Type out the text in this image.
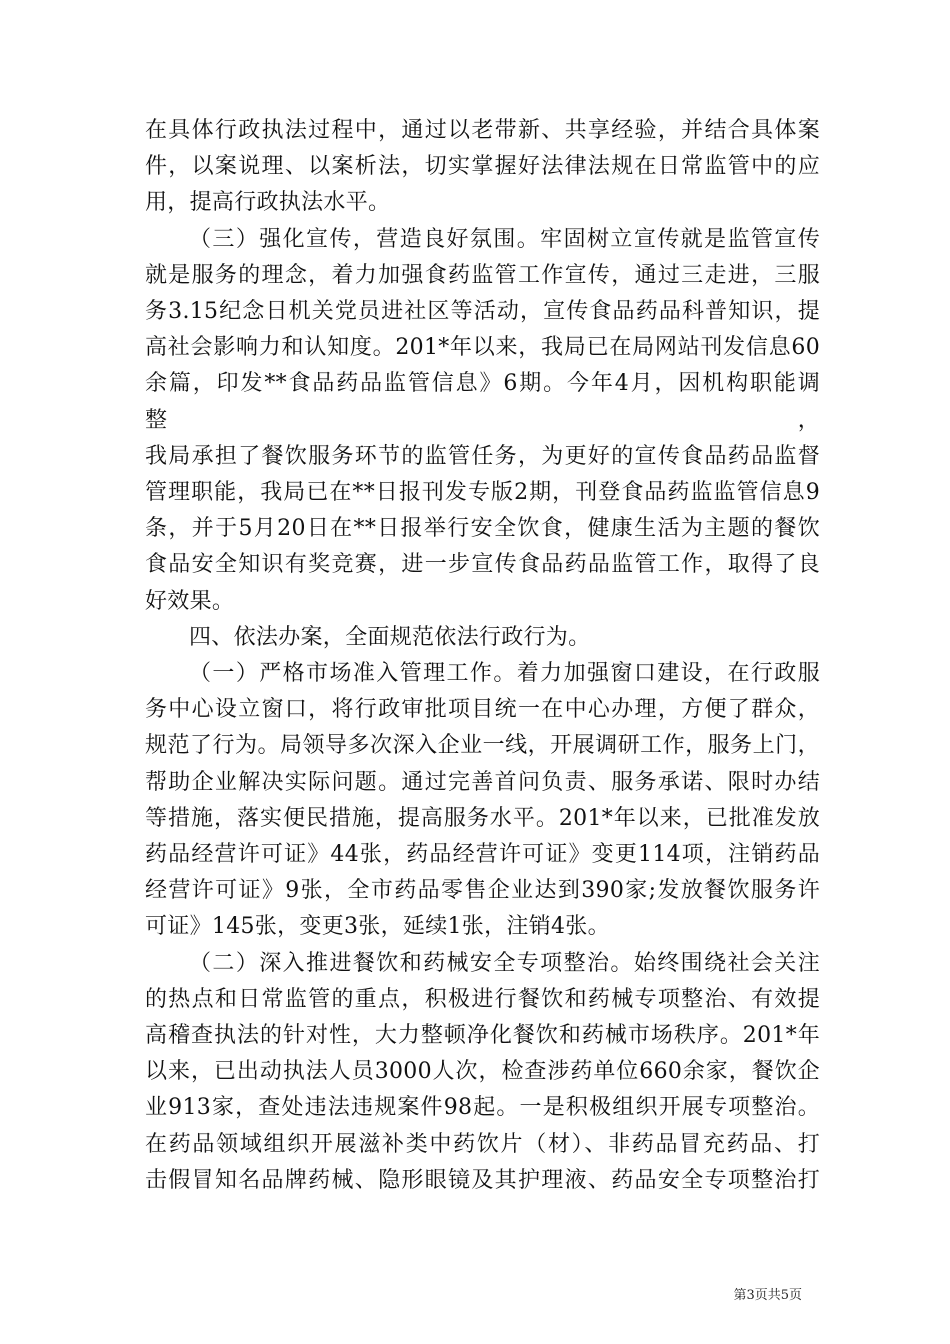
在具体行政执法过程中，通过以老带新、共享经验，并结合具体案
件，以案说理、以案析法，切实掌握好法律法规在日常监管中的应
用，提高行政执法水平。
（三）强化宣传，营造良好氛围。牢固树立宣传就是监管宣传
就是服务的理念，着力加强食药监管工作宣传，通过三走进，三服
务3.15纪念日机关党员进社区等活动，宣传食品药品科普知识，提
高社会影响力和认知度。201*年以来，我局已在局网站刊发信息60
余篇，印发**食品药品监管信息》6期。今年4月，因机构职能调整，
我局承担了餐饮服务环节的监管任务，为更好的宣传食品药品监督
管理职能，我局已在**日报刊发专版2期，刊登食品药监监管信息9
条，并于5月20日在**日报举行安全饮食，健康生活为主题的餐饮
食品安全知识有奖竞赛，进一步宣传食品药品监管工作，取得了良
好效果。
四、依法办案，全面规范依法行政行为。
（一）严格市场准入管理工作。着力加强窗口建设，在行政服
务中心设立窗口，将行政审批项目统一在中心办理，方便了群众，
规范了行为。局领导多次深入企业一线，开展调研工作，服务上门，
帮助企业解决实际问题。通过完善首问负责、服务承诺、限时办结
等措施，落实便民措施，提高服务水平。201*年以来，已批准发放
药品经营许可证》44张，药品经营许可证》变更114项，注销药品
经营许可证》9张，全市药品零售企业达到390家;发放餐饮服务许
可证》145张，变更3张，延续1张，注销4张。
（二）深入推进餐饮和药械安全专项整治。始终围绕社会关注
的热点和日常监管的重点，积极进行餐饮和药械专项整治、有效提
高稽查执法的针对性，大力整顿净化餐饮和药械市场秩序。201*年
以来，已出动执法人员3000人次，检查涉药单位660余家，餐饮企
业913家，查处违法违规案件98起。一是积极组织开展专项整治。
在药品领域组织开展滋补类中药饮片（材）、非药品冒充药品、打
击假冒知名品牌药械、隐形眼镜及其护理液、药品安全专项整治打
第3页共5页
